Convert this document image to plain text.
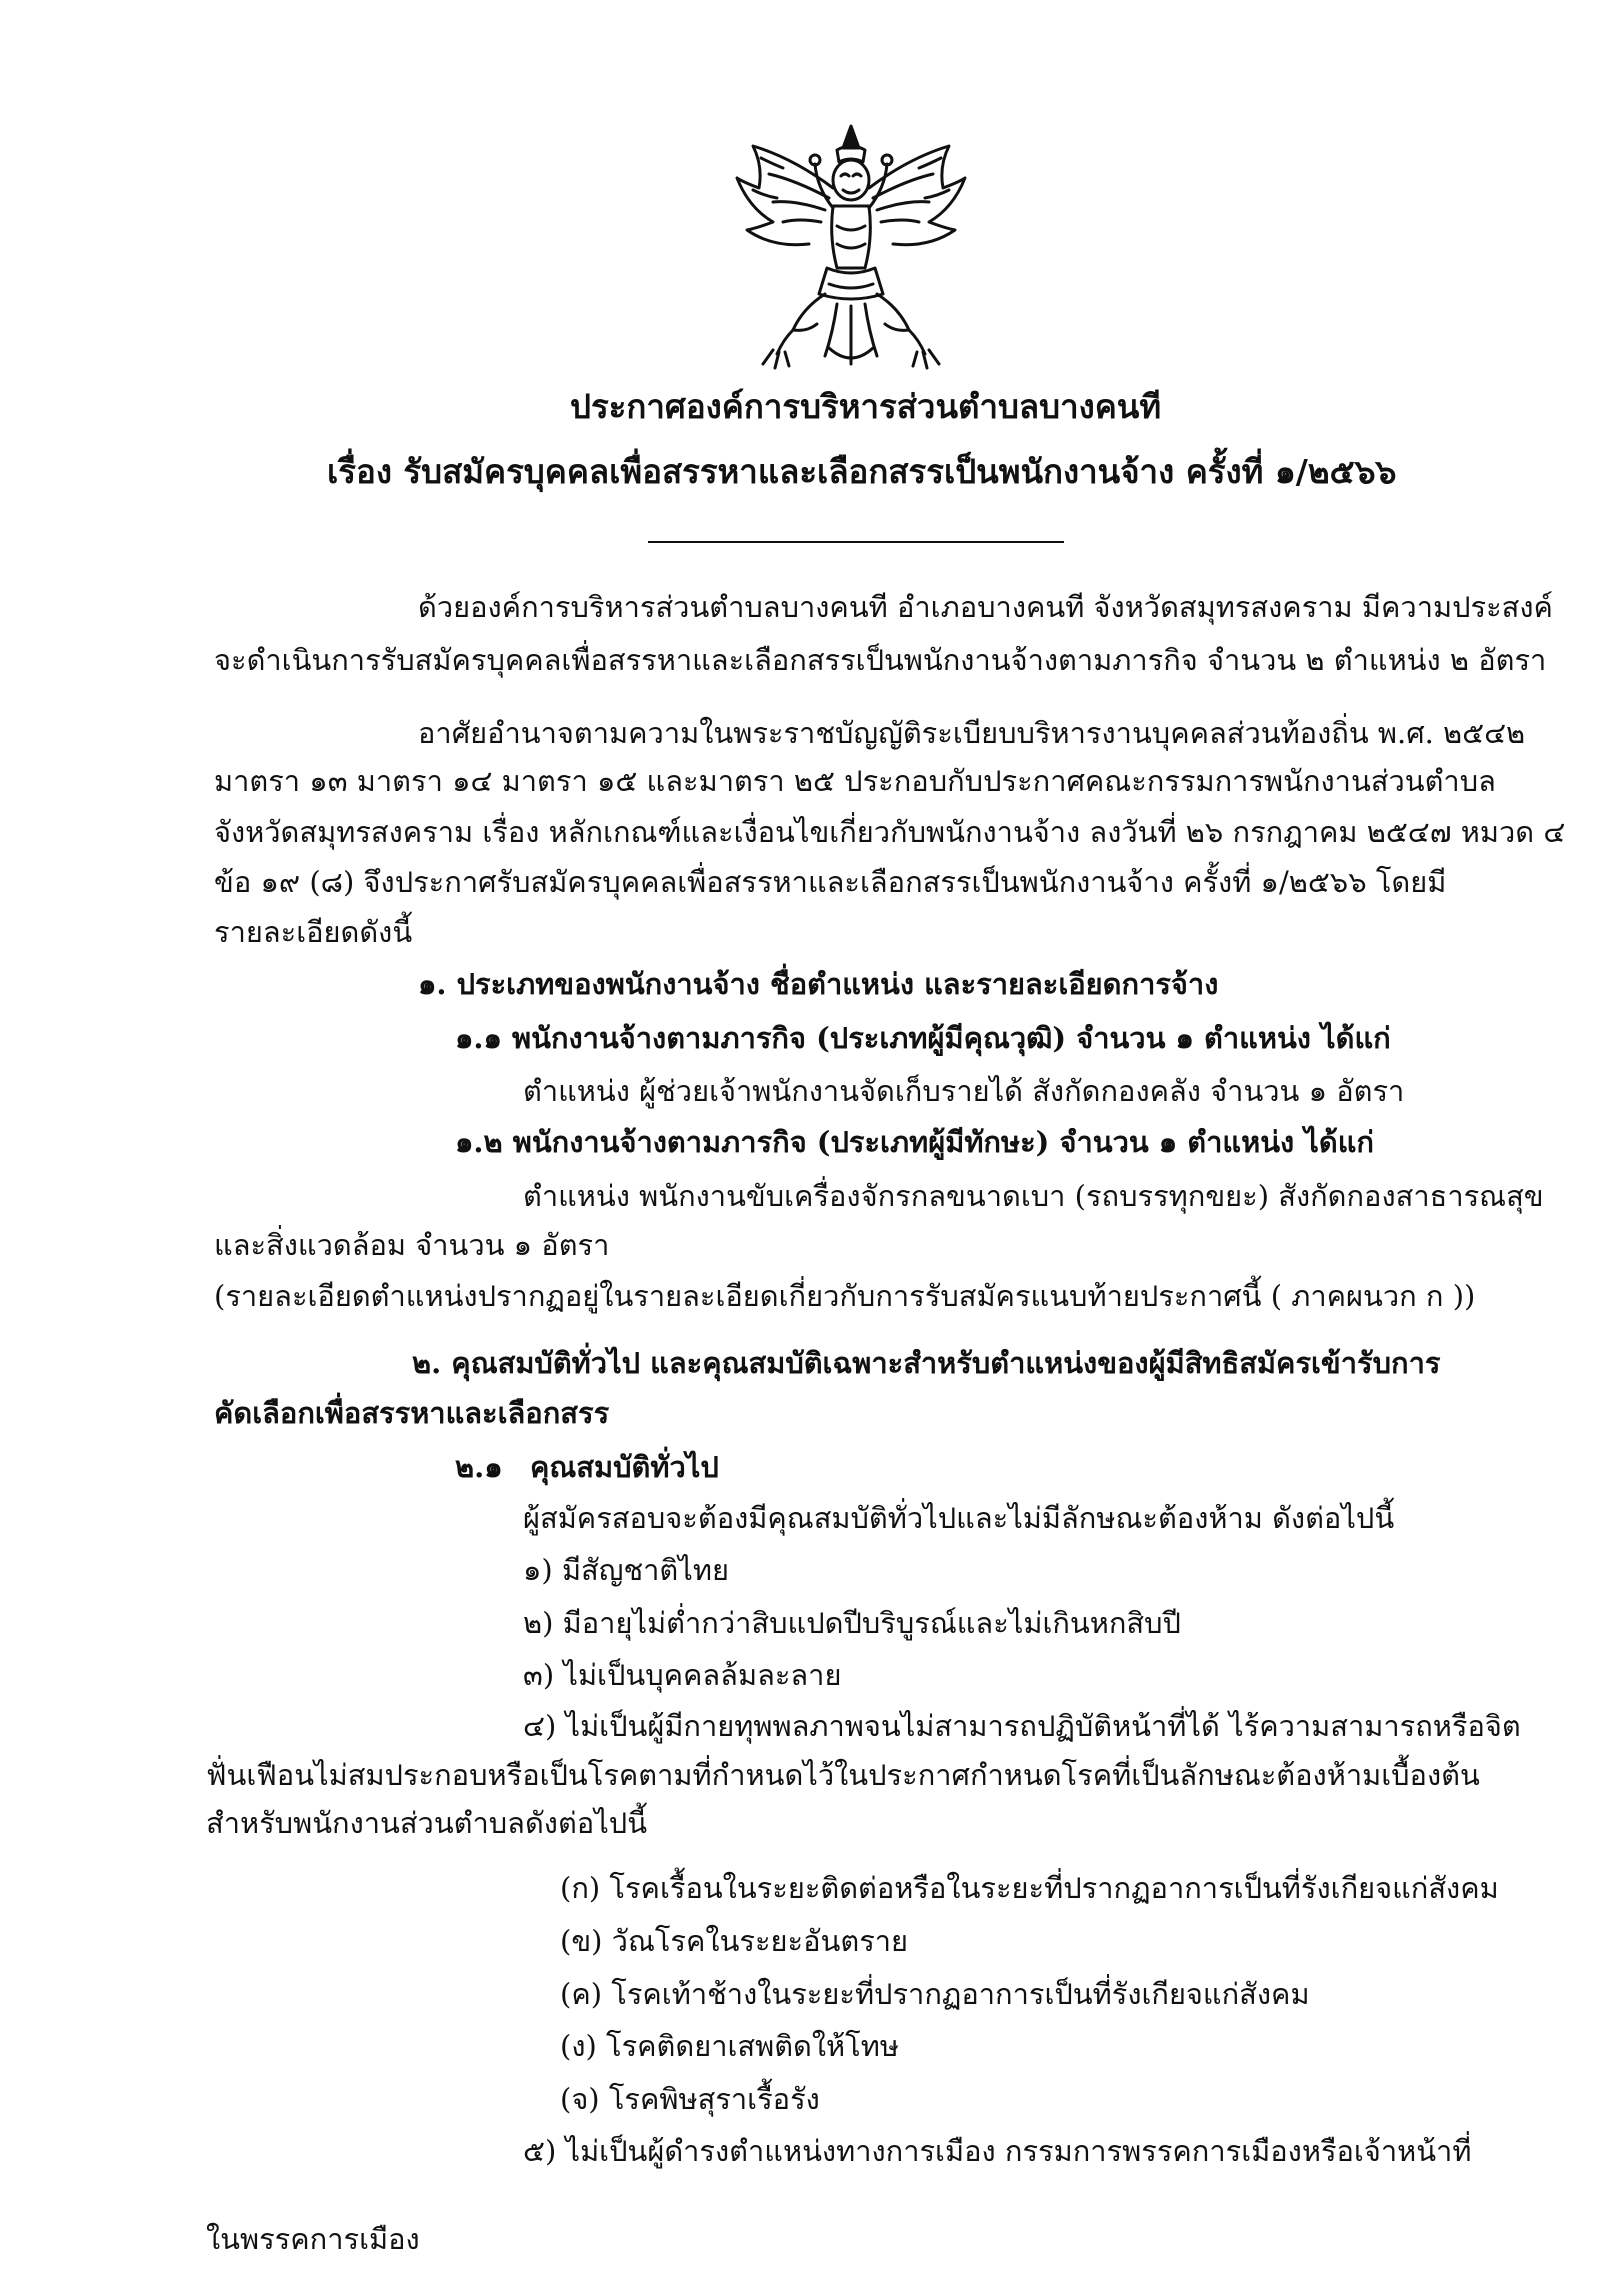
ประกาศองค์การบริหารส่วนตำบลบางคนที
เรื่อง รับสมัครบุคคลเพื่อสรรหาและเลือกสรรเป็นพนักงานจ้าง ครั้งที่ ๑/๒๕๖๖
ด้วยองค์การบริหารส่วนตำบลบางคนที อำเภอบางคนที จังหวัดสมุทรสงคราม มีความประสงค์
จะดำเนินการรับสมัครบุคคลเพื่อสรรหาและเลือกสรรเป็นพนักงานจ้างตามภารกิจ จำนวน ๒ ตำแหน่ง ๒ อัตรา
อาศัยอำนาจตามความในพระราชบัญญัติระเบียบบริหารงานบุคคลส่วนท้องถิ่น พ.ศ. ๒๕๔๒
มาตรา ๑๓ มาตรา ๑๔ มาตรา ๑๕ และมาตรา ๒๕ ประกอบกับประกาศคณะกรรมการพนักงานส่วนตำบล
จังหวัดสมุทรสงคราม เรื่อง หลักเกณฑ์และเงื่อนไขเกี่ยวกับพนักงานจ้าง ลงวันที่ ๒๖ กรกฎาคม ๒๕๔๗ หมวด ๔
ข้อ ๑๙ (๘) จึงประกาศรับสมัครบุคคลเพื่อสรรหาและเลือกสรรเป็นพนักงานจ้าง ครั้งที่ ๑/๒๕๖๖ โดยมี
รายละเอียดดังนี้
๑. ประเภทของพนักงานจ้าง ชื่อตำแหน่ง และรายละเอียดการจ้าง
๑.๑ พนักงานจ้างตามภารกิจ (ประเภทผู้มีคุณวุฒิ) จำนวน ๑ ตำแหน่ง ได้แก่
ตำแหน่ง ผู้ช่วยเจ้าพนักงานจัดเก็บรายได้ สังกัดกองคลัง จำนวน ๑ อัตรา
๑.๒ พนักงานจ้างตามภารกิจ (ประเภทผู้มีทักษะ) จำนวน ๑ ตำแหน่ง ได้แก่
ตำแหน่ง พนักงานขับเครื่องจักรกลขนาดเบา (รถบรรทุกขยะ) สังกัดกองสาธารณสุข
และสิ่งแวดล้อม จำนวน ๑ อัตรา
(รายละเอียดตำแหน่งปรากฏอยู่ในรายละเอียดเกี่ยวกับการรับสมัครแนบท้ายประกาศนี้ ( ภาคผนวก ก ))
๒. คุณสมบัติทั่วไป และคุณสมบัติเฉพาะสำหรับตำแหน่งของผู้มีสิทธิสมัครเข้ารับการ
คัดเลือกเพื่อสรรหาและเลือกสรร
๒.๑ คุณสมบัติทั่วไป
ผู้สมัครสอบจะต้องมีคุณสมบัติทั่วไปและไม่มีลักษณะต้องห้าม ดังต่อไปนี้
๑) มีสัญชาติไทย
๒) มีอายุไม่ต่ำกว่าสิบแปดปีบริบูรณ์และไม่เกินหกสิบปี
๓) ไม่เป็นบุคคลล้มละลาย
๔) ไม่เป็นผู้มีกายทุพพลภาพจนไม่สามารถปฏิบัติหน้าที่ได้ ไร้ความสามารถหรือจิต
ฟั่นเฟือนไม่สมประกอบหรือเป็นโรคตามที่กำหนดไว้ในประกาศกำหนดโรคที่เป็นลักษณะต้องห้ามเบื้องต้น
สำหรับพนักงานส่วนตำบลดังต่อไปนี้
(ก) โรคเรื้อนในระยะติดต่อหรือในระยะที่ปรากฏอาการเป็นที่รังเกียจแก่สังคม
(ข) วัณโรคในระยะอันตราย
(ค) โรคเท้าช้างในระยะที่ปรากฏอาการเป็นที่รังเกียจแก่สังคม
(ง) โรคติดยาเสพติดให้โทษ
(จ) โรคพิษสุราเรื้อรัง
๕) ไม่เป็นผู้ดำรงตำแหน่งทางการเมือง กรรมการพรรคการเมืองหรือเจ้าหน้าที่
ในพรรคการเมือง
